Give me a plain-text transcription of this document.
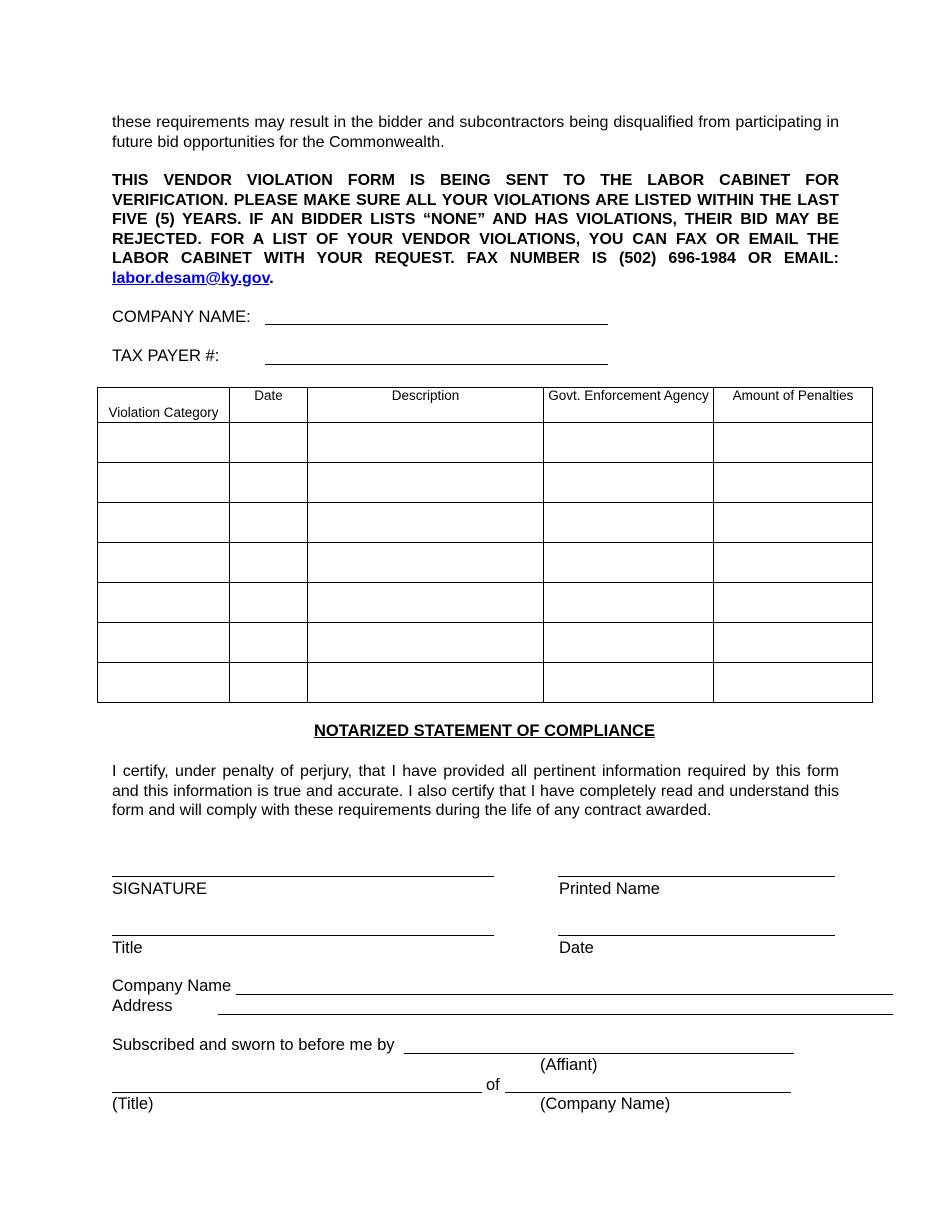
these requirements may result in the bidder and subcontractors being disqualified from participating in future bid opportunities for the Commonwealth.
THIS VENDOR VIOLATION FORM IS BEING SENT TO THE LABOR CABINET FOR VERIFICATION. PLEASE MAKE SURE ALL YOUR VIOLATIONS ARE LISTED WITHIN THE LAST FIVE (5) YEARS. IF AN BIDDER LISTS “NONE” AND HAS VIOLATIONS, THEIR BID MAY BE REJECTED. FOR A LIST OF YOUR VENDOR VIOLATIONS, YOU CAN FAX OR EMAIL THE LABOR CABINET WITH YOUR REQUEST. FAX NUMBER IS (502) 696-1984 OR EMAIL: labor.desam@ky.gov.
COMPANY NAME:
TAX PAYER #:
Violation Category	Date	Description	Govt. Enforcement Agency	Amount of Penalties

NOTARIZED STATEMENT OF COMPLIANCE
I certify, under penalty of perjury, that I have provided all pertinent information required by this form and this information is true and accurate. I also certify that I have completely read and understand this form and will comply with these requirements during the life of any contract awarded.
SIGNATURE	Printed Name
Title	Date
Company Name
Address
Subscribed and sworn to before me by
(Affiant)
of
(Title)	(Company Name)
